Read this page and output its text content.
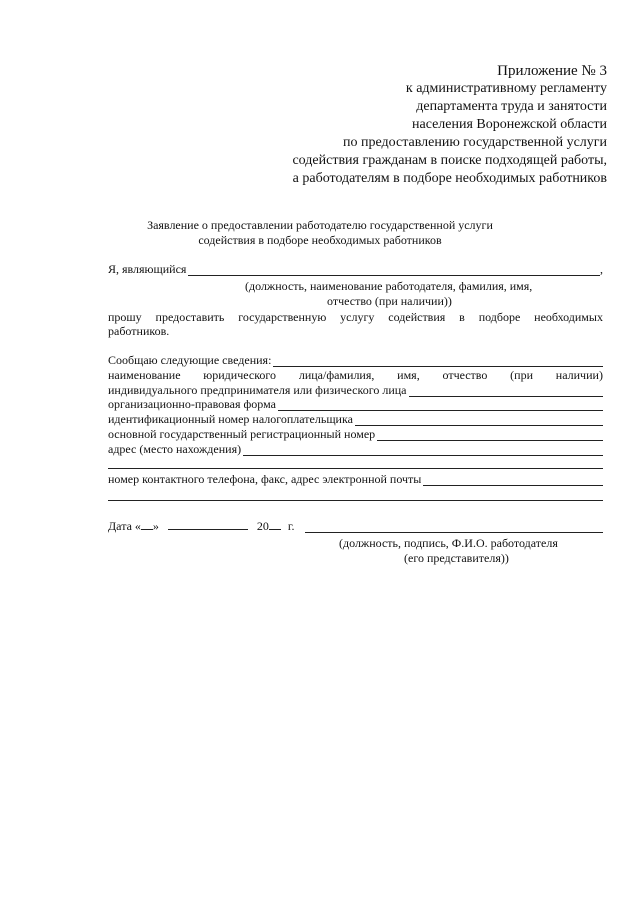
Приложение № 3
к административному регламенту
департамента труда и занятости
населения Воронежской области
по предоставлению государственной услуги
содействия гражданам в поиске подходящей работы,
а работодателям в подборе необходимых работников
Заявление о предоставлении работодателю государственной услуги
содействия в подборе необходимых работников
Я, являющийся	,
(должность, наименование работодателя, фамилия, имя,
отчество (при наличии))
прошу предоставить государственную услугу содействия в подборе необходимых
работников.
Сообщаю следующие сведения:
наименование юридического лица/фамилия, имя, отчество (при наличии)
индивидуального предпринимателя или физического лица
организационно-правовая форма
идентификационный номер налогоплательщика
основной государственный регистрационный номер
адрес (место нахождения)
номер контактного телефона, факс, адрес электронной почты
Дата « »	20 г.
(должность, подпись, Ф.И.О. работодателя
(его представителя))
